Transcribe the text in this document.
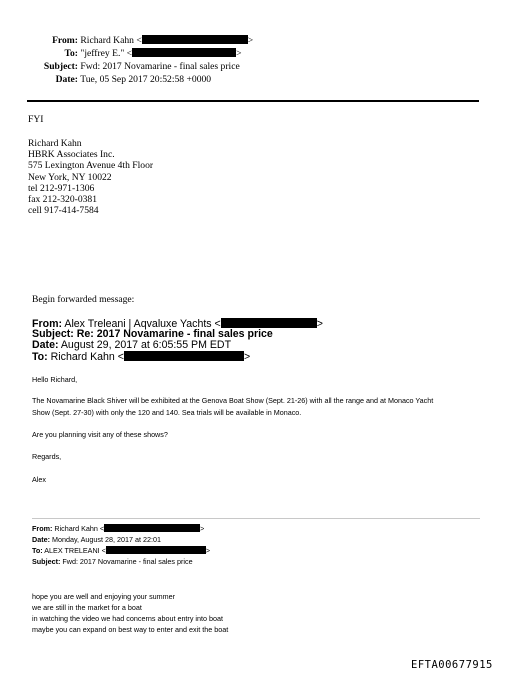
From: Richard Kahn <	>
To: "jeffrey E." <	>
Subject: Fwd: 2017 Novamarine - final sales price
Date: Tue, 05 Sep 2017 20:52:58 +0000
FYI
Richard Kahn
HBRK Associates Inc.
575 Lexington Avenue 4th Floor
New York, NY 10022
tel 212-971-1306
fax 212-320-0381
cell 917-414-7584
Begin forwarded message:
From: Alex Treleani | Aqvaluxe Yachts <	>
Subject: Re: 2017 Novamarine - final sales price
Date: August 29, 2017 at 6:05:55 PM EDT
To: Richard Kahn <	>
Hello Richard,
The Novamarine Black Shiver will be exhibited at the Genova Boat Show (Sept. 21-26) with all the range and at Monaco Yacht
Show (Sept. 27-30) with only the 120 and 140. Sea trials will be available in Monaco.
Are you planning visit any of these shows?
Regards,
Alex
From: Richard Kahn <	>
Date: Monday, August 28, 2017 at 22:01
To: ALEX TRELEANI <	>
Subject: Fwd: 2017 Novamarine - final sales price
hope you are well and enjoying your summer
we are still in the market for a boat
in watching the video we had concerns about entry into boat
maybe you can expand on best way to enter and exit the boat
EFTA00677915
